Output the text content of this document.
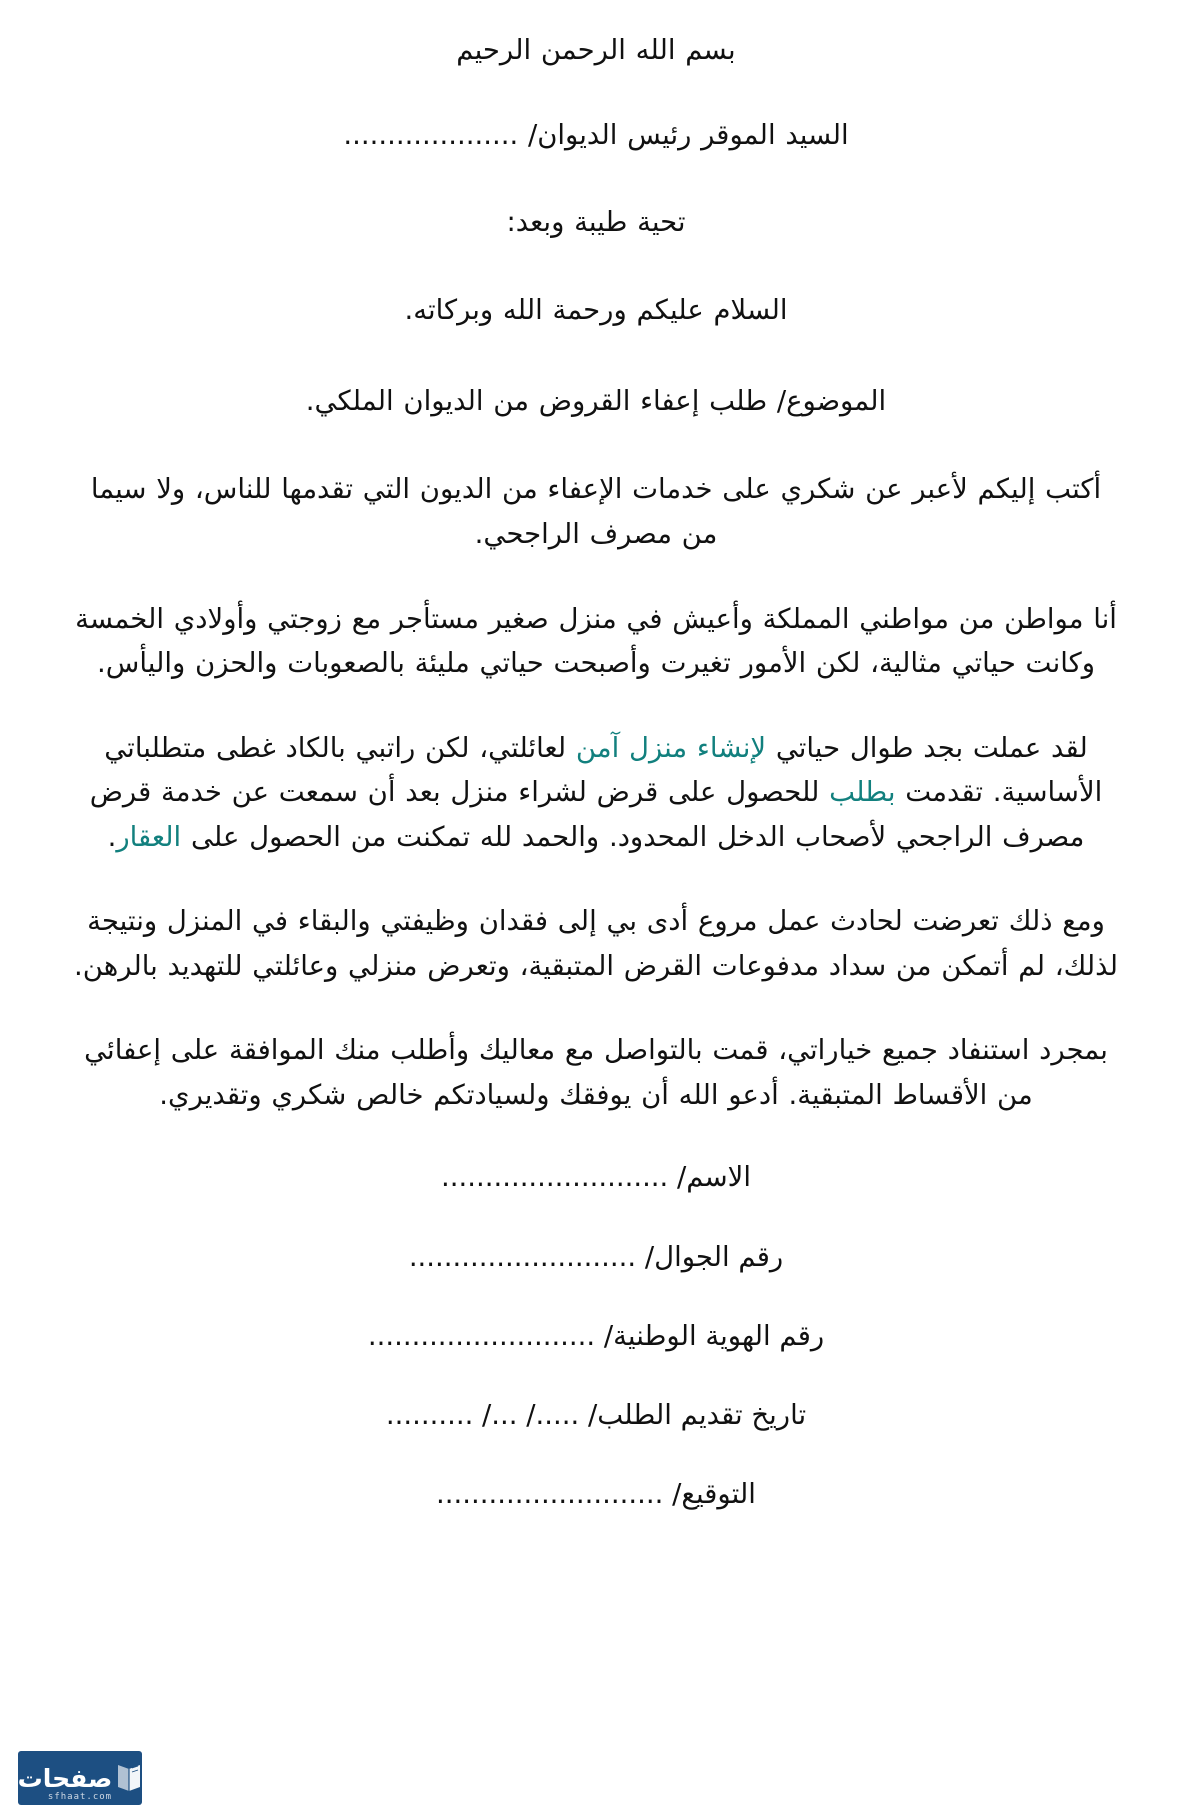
بسم الله الرحمن الرحيم

السيد الموقر رئيس الديوان/ ....................

تحية طيبة وبعد:

السلام عليكم ورحمة الله وبركاته.

الموضوع/ طلب إعفاء القروض من الديوان الملكي.

أكتب إليكم لأعبر عن شكري على خدمات الإعفاء من الديون التي تقدمها للناس، ولا سيما من مصرف الراجحي.

أنا مواطن من مواطني المملكة وأعيش في منزل صغير مستأجر مع زوجتي وأولادي الخمسة وكانت حياتي مثالية، لكن الأمور تغيرت وأصبحت حياتي مليئة بالصعوبات والحزن واليأس.

لقد عملت بجد طوال حياتي لإنشاء منزل آمن لعائلتي، لكن راتبي بالكاد غطى متطلباتي الأساسية. تقدمت بطلب للحصول على قرض لشراء منزل بعد أن سمعت عن خدمة قرض مصرف الراجحي لأصحاب الدخل المحدود. والحمد لله تمكنت من الحصول على العقار.

ومع ذلك تعرضت لحادث عمل مروع أدى بي إلى فقدان وظيفتي والبقاء في المنزل ونتيجة لذلك، لم أتمكن من سداد مدفوعات القرض المتبقية، وتعرض منزلي وعائلتي للتهديد بالرهن.

بمجرد استنفاد جميع خياراتي، قمت بالتواصل مع معاليك وأطلب منك الموافقة على إعفائي من الأقساط المتبقية. أدعو الله أن يوفقك ولسيادتكم خالص شكري وتقديري.

الاسم/ ..........................
رقم الجوال/ ..........................
رقم الهوية الوطنية/ ..........................
تاريخ تقديم الطلب/ ...../ .../ ..........
التوقيع/ ..........................
صفحات
sfhaat.com
